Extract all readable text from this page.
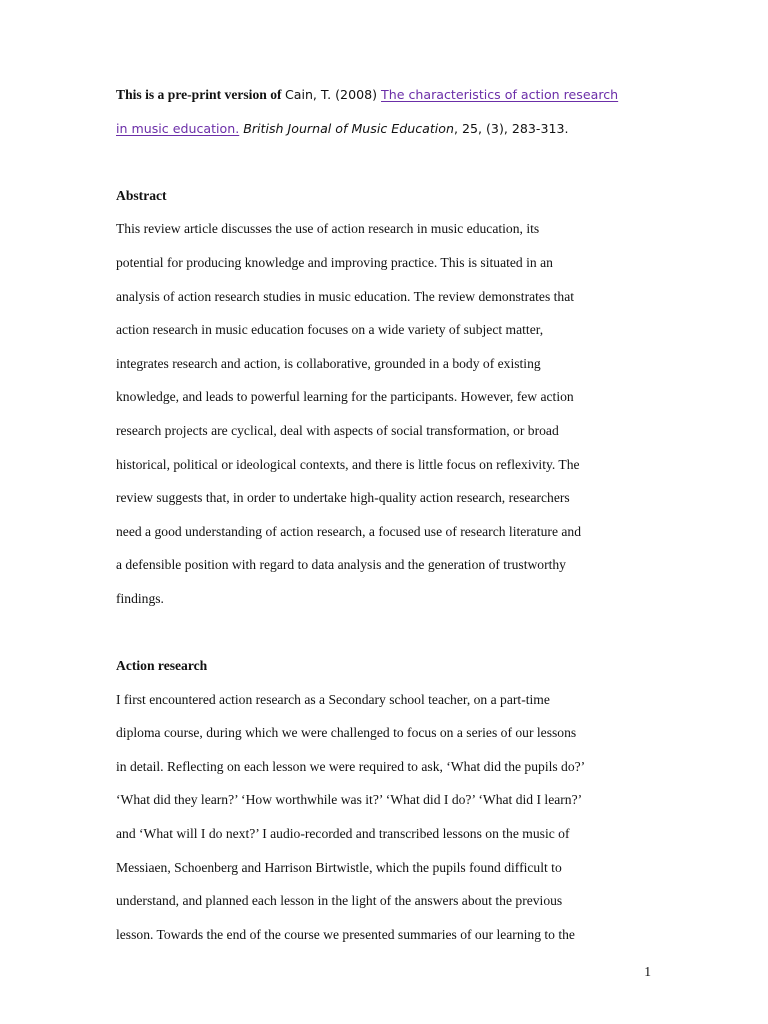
This is a pre-print version of Cain, T. (2008) The characteristics of action research

in music education. British Journal of Music Education, 25, (3), 283-313.

Abstract

This review article discusses the use of action research in music education, its

potential for producing knowledge and improving practice. This is situated in an

analysis of action research studies in music education. The review demonstrates that

action research in music education focuses on a wide variety of subject matter,

integrates research and action, is collaborative, grounded in a body of existing

knowledge, and leads to powerful learning for the participants. However, few action

research projects are cyclical, deal with aspects of social transformation, or broad

historical, political or ideological contexts, and there is little focus on reflexivity. The

review suggests that, in order to undertake high-quality action research, researchers

need a good understanding of action research, a focused use of research literature and

a defensible position with regard to data analysis and the generation of trustworthy

findings.

Action research

I first encountered action research as a Secondary school teacher, on a part-time

diploma course, during which we were challenged to focus on a series of our lessons

in detail. Reflecting on each lesson we were required to ask, ‘What did the pupils do?’

‘What did they learn?’ ‘How worthwhile was it?’ ‘What did I do?’ ‘What did I learn?’

and ‘What will I do next?’ I audio-recorded and transcribed lessons on the music of

Messiaen, Schoenberg and Harrison Birtwistle, which the pupils found difficult to

understand, and planned each lesson in the light of the answers about the previous

lesson. Towards the end of the course we presented summaries of our learning to the

1
